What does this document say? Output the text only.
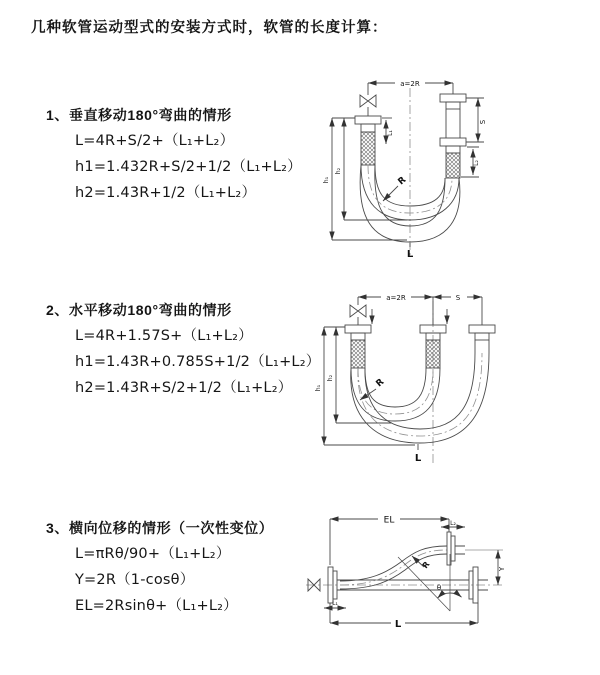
几种软管运动型式的安装方式时，软管的长度计算：
1、垂直移动180°弯曲的情形
L=4R+S/2+（L₁+L₂）
h1=1.432R+S/2+1/2（L₁+L₂）
h2=1.43R+1/2（L₁+L₂）
2、水平移动180°弯曲的情形
L=4R+1.57S+（L₁+L₂）
h1=1.43R+0.785S+1/2（L₁+L₂）
h2=1.43R+S/2+1/2（L₁+L₂）
3、横向位移的情形（一次性变位）
L=πRθ/90+（L₁+L₂）
Y=2R（1-cosθ）
EL=2Rsinθ+（L₁+L₂）
a=2R
S
L₂
L₁
h₁
h₂
R
L
a=2R	S
h₁
h₂	R
L
EL	L₂
Y
R
θ
L
L₁
